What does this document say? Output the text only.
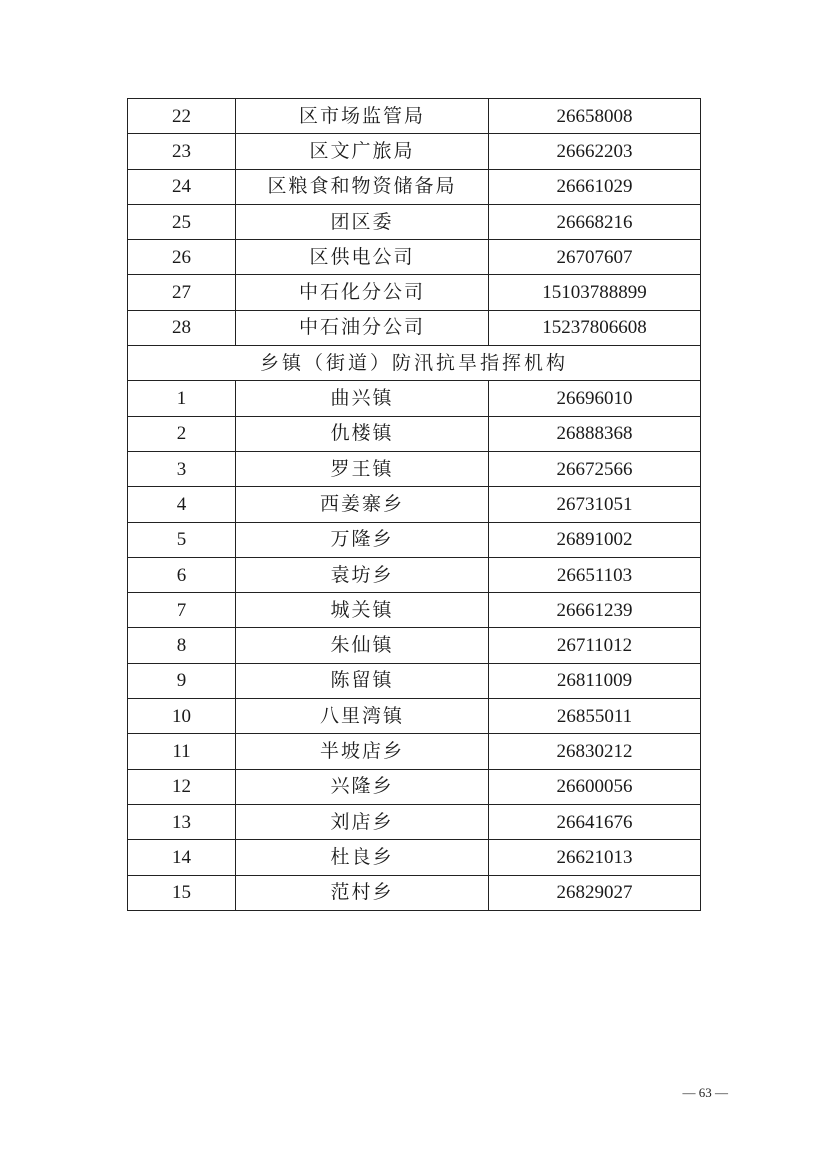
22	区市场监管局	26658008
23	区文广旅局	26662203
24	区粮食和物资储备局	26661029
25	团区委	26668216
26	区供电公司	26707607
27	中石化分公司	15103788899
28	中石油分公司	15237806608
乡镇（街道）防汛抗旱指挥机构		
1	曲兴镇	26696010
2	仇楼镇	26888368
3	罗王镇	26672566
4	西姜寨乡	26731051
5	万隆乡	26891002
6	袁坊乡	26651103
7	城关镇	26661239
8	朱仙镇	26711012
9	陈留镇	26811009
10	八里湾镇	26855011
11	半坡店乡	26830212
12	兴隆乡	26600056
13	刘店乡	26641676
14	杜良乡	26621013
15	范村乡	26829027
— 63 —
